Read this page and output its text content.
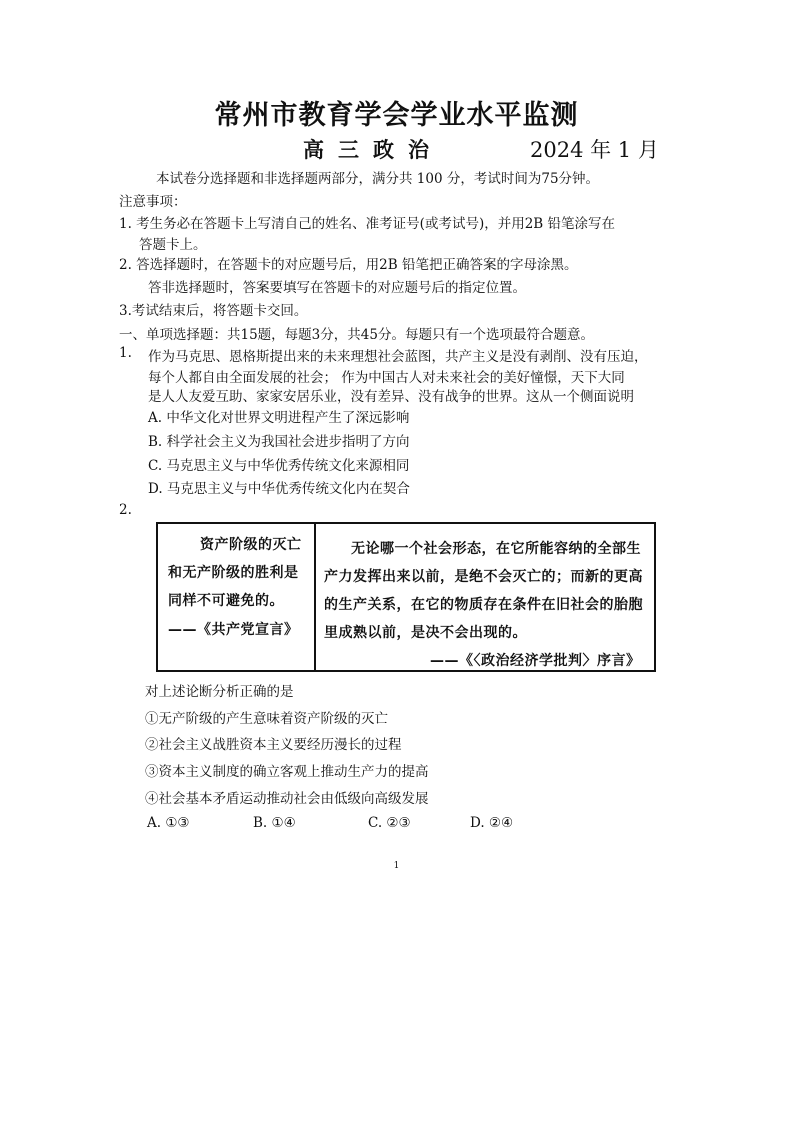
常州市教育学会学业水平监测
高三政治	2024 年 1 月
本试卷分选择题和非选择题两部分，满分共 100 分，考试时间为75分钟。
注意事项：
1. 考生务必在答题卡上写清自己的姓名、准考证号(或考试号)，并用2B 铅笔涂写在
答题卡上。
2. 答选择题时，在答题卡的对应题号后，用2B 铅笔把正确答案的字母涂黑。
答非选择题时，答案要填写在答题卡的对应题号后的指定位置。
3.考试结束后，将答题卡交回。
一、单项选择题：共15题，每题3分，共45分。每题只有一个选项最符合题意。
1. 作为马克思、恩格斯提出来的未来理想社会蓝图，共产主义是没有剥削、没有压迫，
每个人都自由全面发展的社会； 作为中国古人对未来社会的美好憧憬，天下大同
是人人友爱互助、家家安居乐业，没有差异、没有战争的世界。这从一个侧面说明
A. 中华文化对世界文明进程产生了深远影响
B. 科学社会主义为我国社会进步指明了方向
C. 马克思主义与中华优秀传统文化来源相同
D. 马克思主义与中华优秀传统文化内在契合
2.
资产阶级的灭亡
和无产阶级的胜利是
同样不可避免的。
——《共产党宣言》
无论哪一个社会形态，在它所能容纳的全部生
产力发挥出来以前，是绝不会灭亡的；而新的更高
的生产关系，在它的物质存在条件在旧社会的胎胞
里成熟以前，是决不会出现的。
——《〈政治经济学批判〉序言》
对上述论断分析正确的是
①无产阶级的产生意味着资产阶级的灭亡
②社会主义战胜资本主义要经历漫长的过程
③资本主义制度的确立客观上推动生产力的提高
④社会基本矛盾运动推动社会由低级向高级发展
A. ①③	B. ①④	C. ②③	D. ②④
1
